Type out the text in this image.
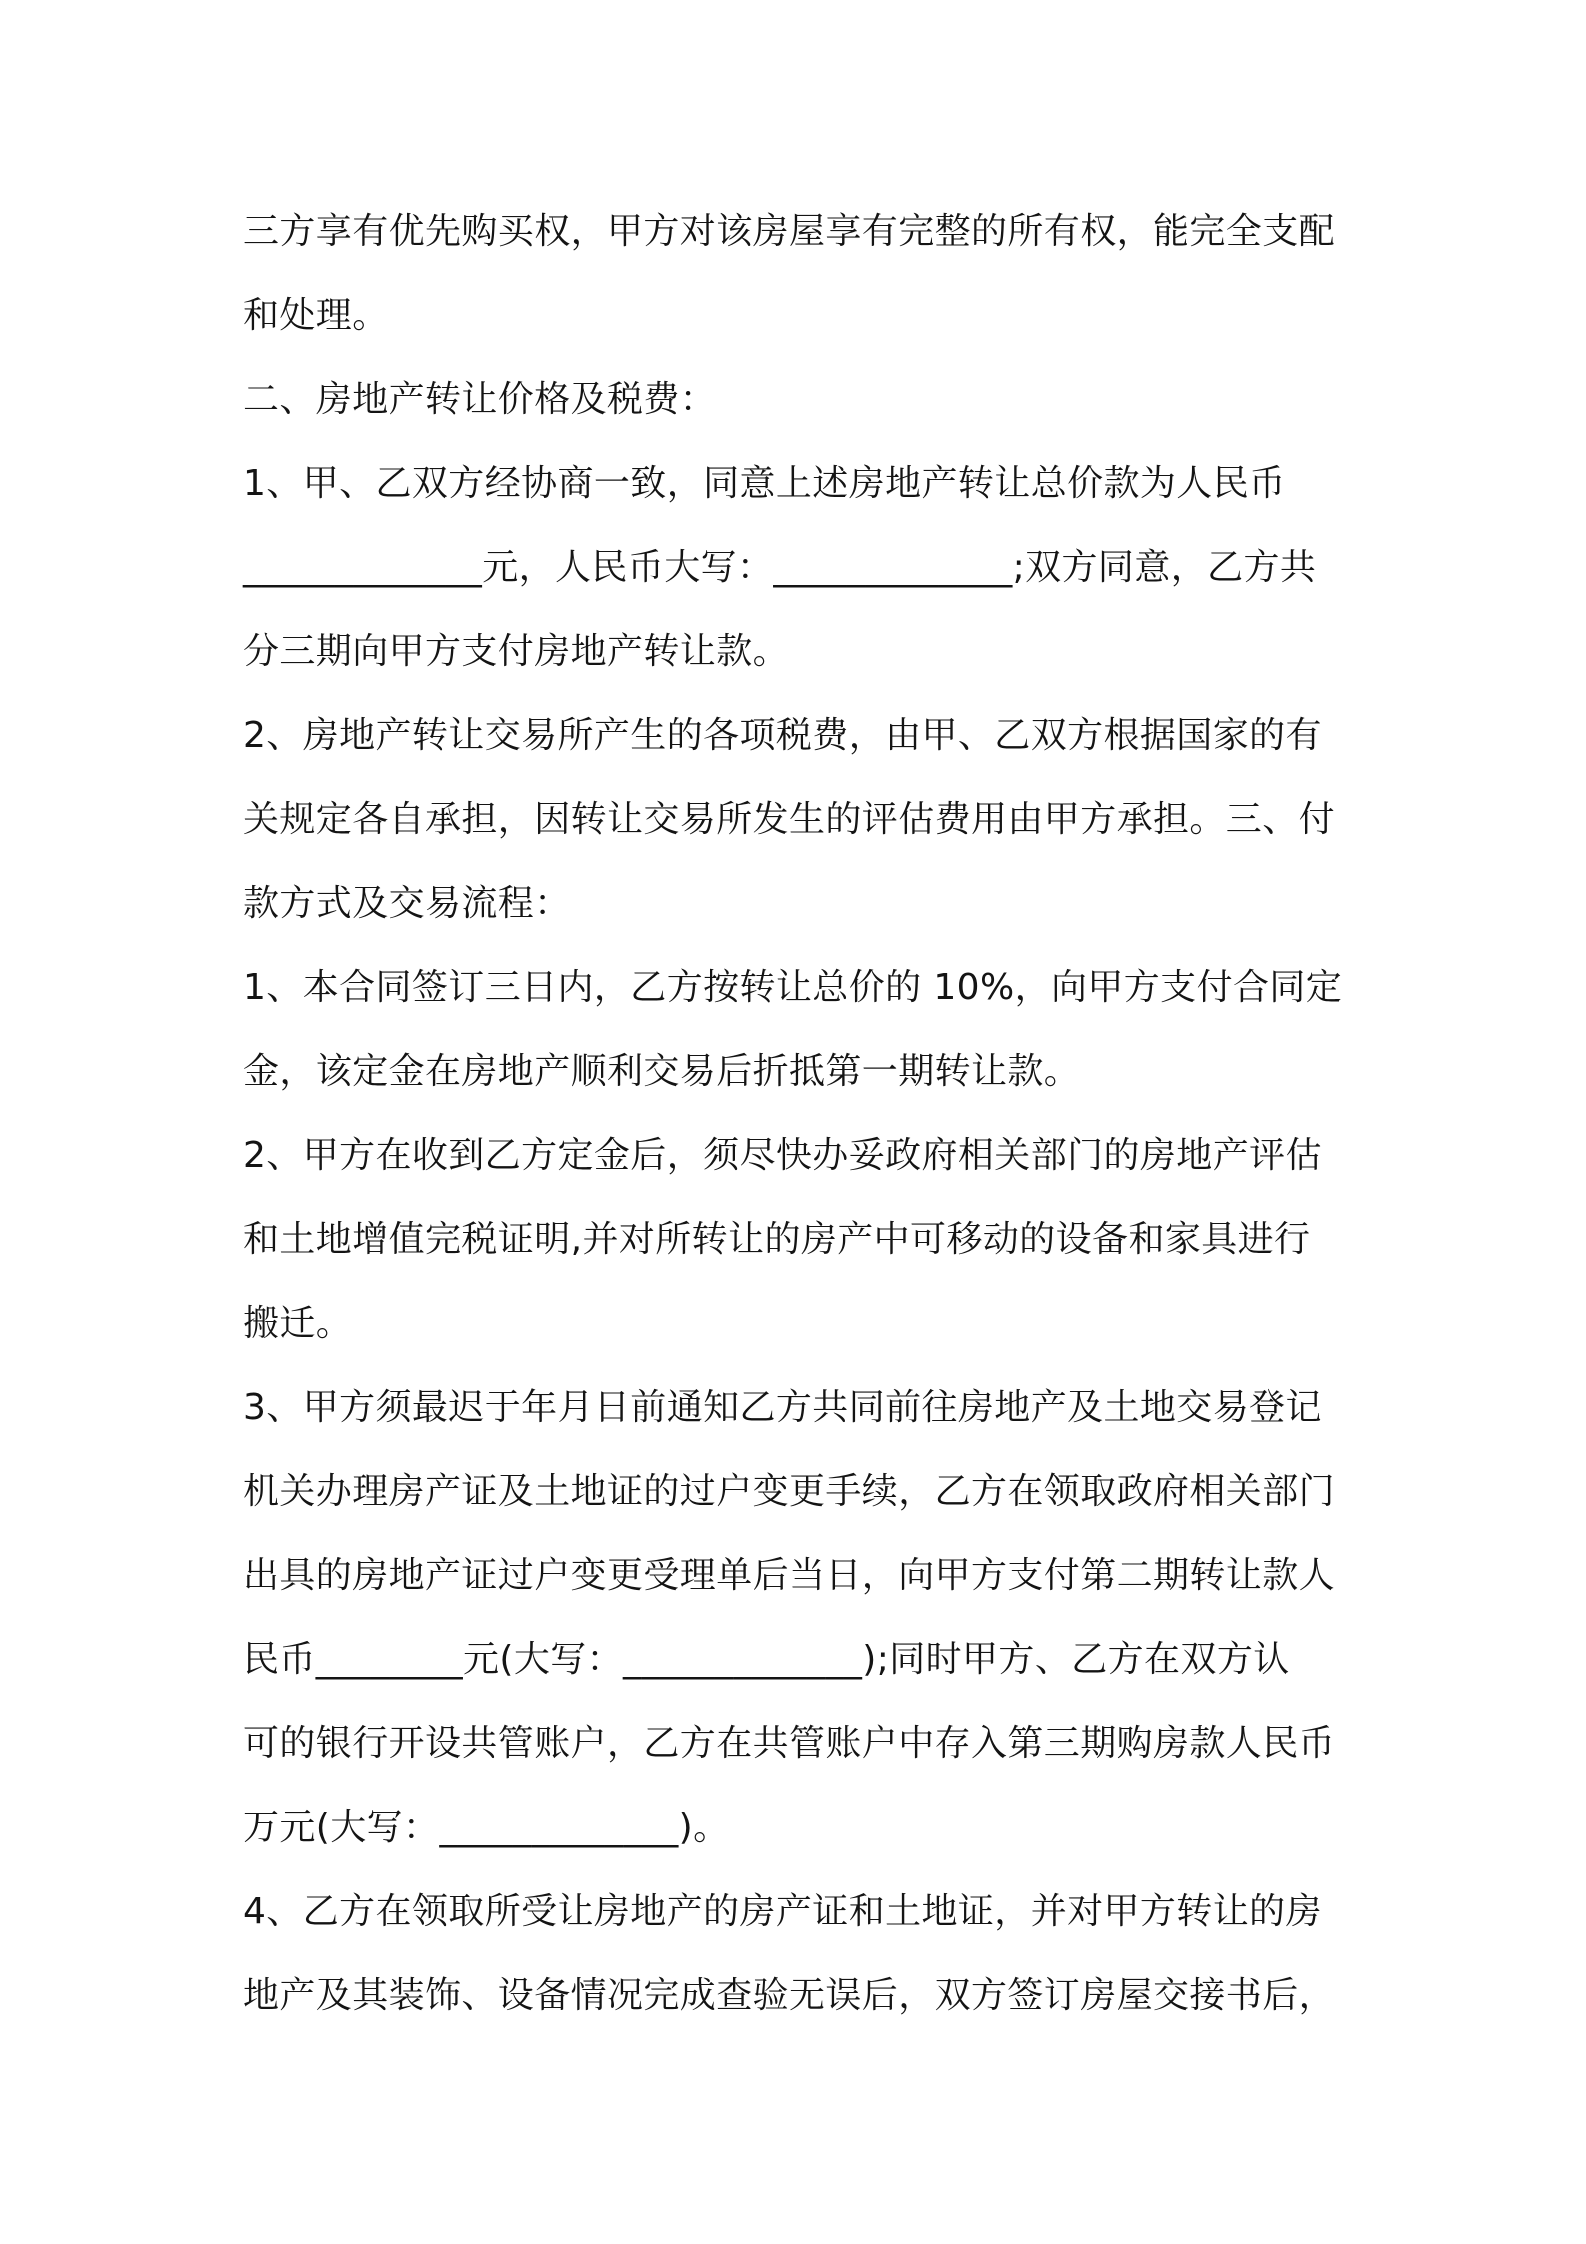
三方享有优先购买权，甲方对该房屋享有完整的所有权，能完全支配
和处理。
二、房地产转让价格及税费：
1、甲、乙双方经协商一致，同意上述房地产转让总价款为人民币
_____________元，人民币大写：_____________;双方同意，乙方共
分三期向甲方支付房地产转让款。
2、房地产转让交易所产生的各项税费，由甲、乙双方根据国家的有
关规定各自承担，因转让交易所发生的评估费用由甲方承担。三、付
款方式及交易流程：
1、本合同签订三日内，乙方按转让总价的 10%，向甲方支付合同定
金，该定金在房地产顺利交易后折抵第一期转让款。
2、甲方在收到乙方定金后，须尽快办妥政府相关部门的房地产评估
和土地增值完税证明,并对所转让的房产中可移动的设备和家具进行
搬迁。
3、甲方须最迟于年月日前通知乙方共同前往房地产及土地交易登记
机关办理房产证及土地证的过户变更手续，乙方在领取政府相关部门
出具的房地产证过户变更受理单后当日，向甲方支付第二期转让款人
民币________元(大写：_____________);同时甲方、乙方在双方认
可的银行开设共管账户，乙方在共管账户中存入第三期购房款人民币
万元(大写：_____________)。
4、乙方在领取所受让房地产的房产证和土地证，并对甲方转让的房
地产及其装饰、设备情况完成查验无误后，双方签订房屋交接书后，
